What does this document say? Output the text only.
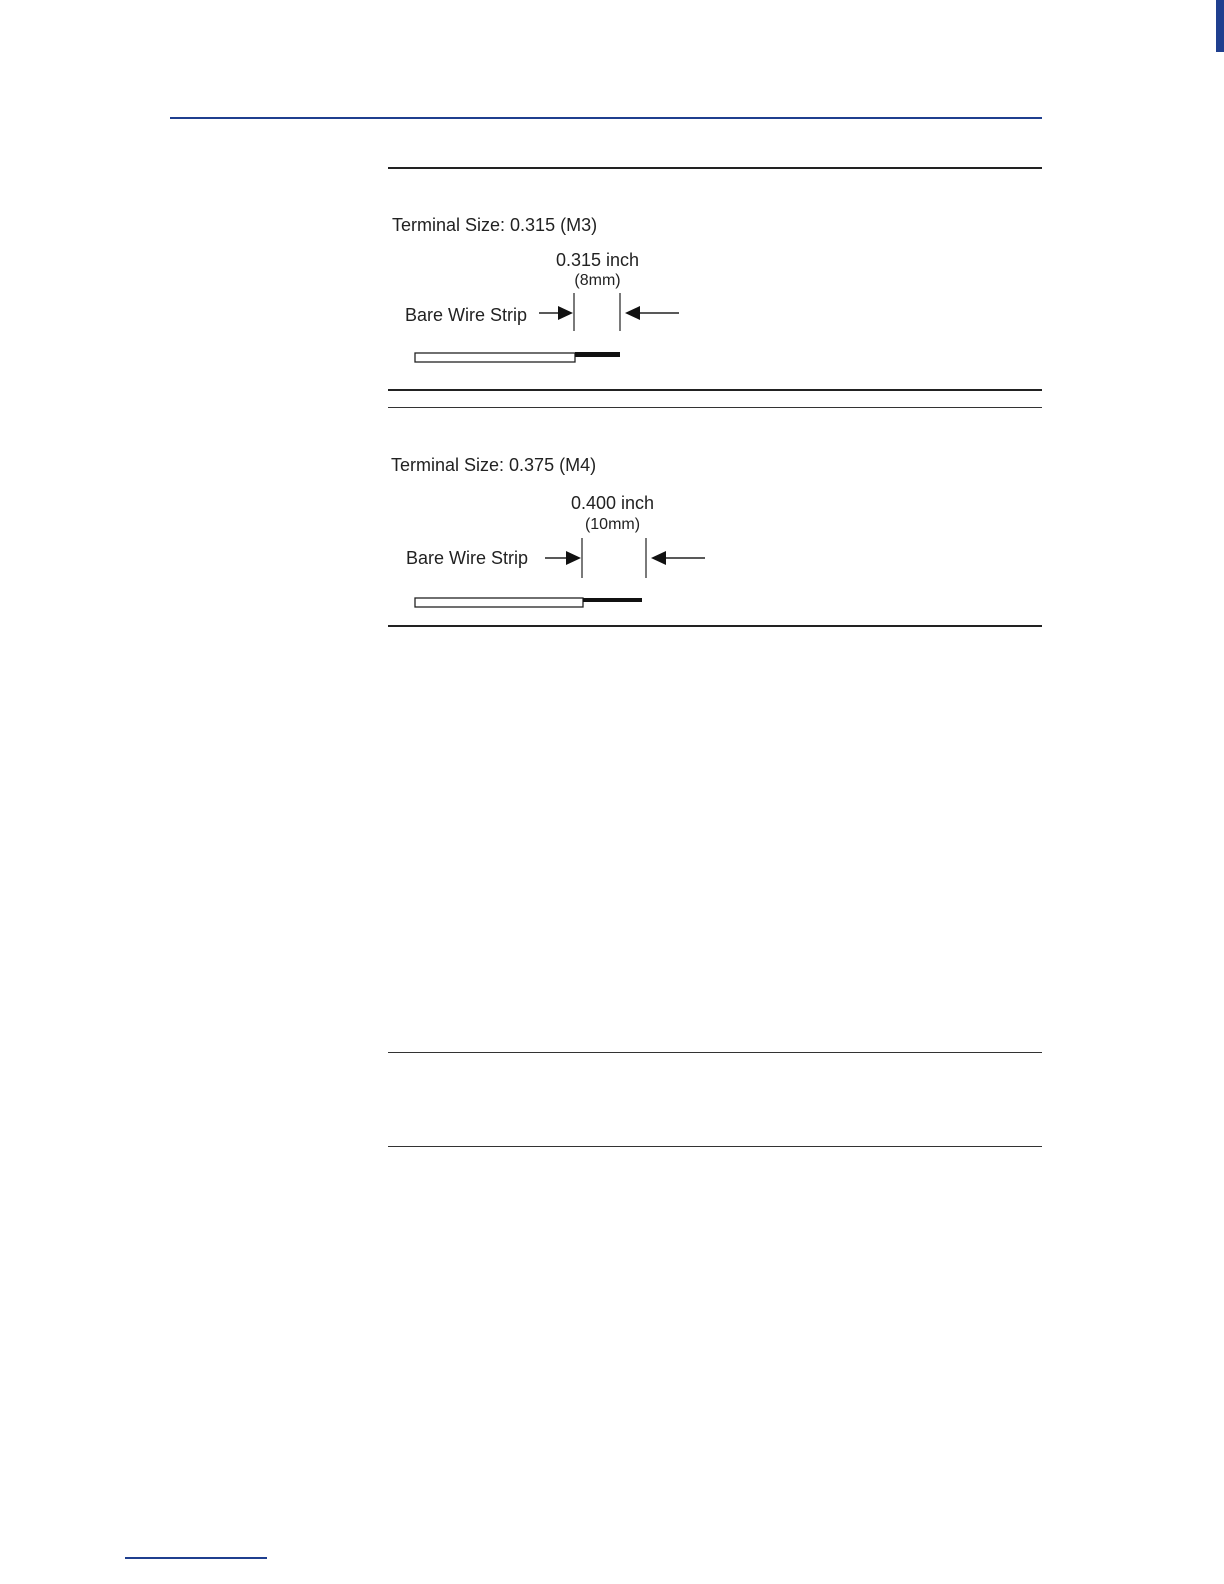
Terminal Size: 0.315 (M3)
0.315 inch
(8mm)
Bare Wire Strip
Terminal Size: 0.375 (M4)
0.400 inch
(10mm)
Bare Wire Strip
